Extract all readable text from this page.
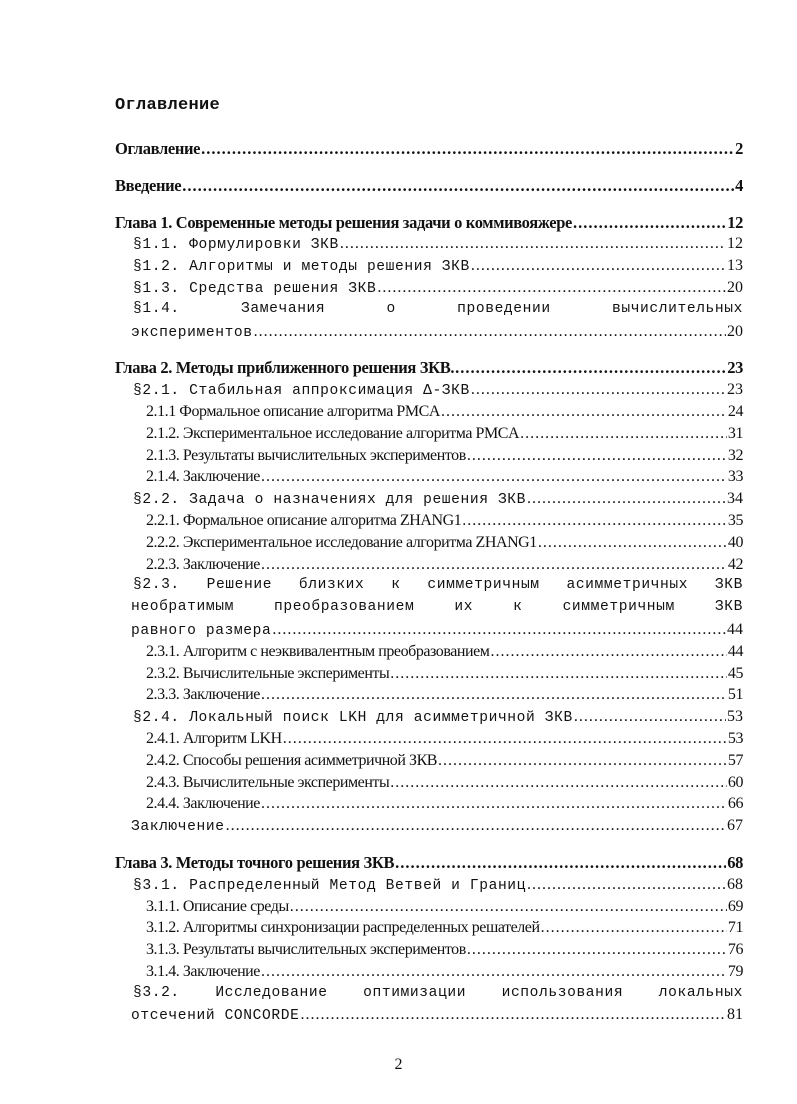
Оглавление
Оглавление .....	2
Введение .....	4
Глава 1. Современные методы решения задачи о коммивояжере .....	12
§1.1. Формулировки ЗКВ .....	12
§1.2. Алгоритмы и методы решения ЗКВ .....	13
§1.3. Средства решения ЗКВ .....	20
§1.4. Замечания о проведении вычислительных
экспериментов .....	20
Глава 2. Методы приближенного решения ЗКВ. .....	23
§2.1. Стабильная аппроксимация Δ-ЗКВ .....	23
2.1.1 Формальное описание алгоритма PMCA .....	24
2.1.2. Экспериментальное исследование алгоритма PMCA .....	31
2.1.3. Результаты вычислительных экспериментов .....	32
2.1.4. Заключение .....	33
§2.2. Задача о назначениях для решения ЗКВ .....	34
2.2.1. Формальное описание алгоритма ZHANG1 .....	35
2.2.2. Экспериментальное исследование алгоритма ZHANG1 .....	40
2.2.3. Заключение .....	42
§2.3. Решение близких к симметричным асимметричных ЗКВ
необратимым преобразованием их к симметричным ЗКВ
равного размера .....	44
2.3.1. Алгоритм с неэквивалентным преобразованием .....	44
2.3.2. Вычислительные эксперименты .....	45
2.3.3. Заключение .....	51
§2.4. Локальный поиск LKH для асимметричной ЗКВ .....	53
2.4.1. Алгоритм LKH .....	53
2.4.2. Способы решения асимметричной ЗКВ .....	57
2.4.3. Вычислительные эксперименты .....	60
2.4.4. Заключение .....	66
Заключение .....	67
Глава 3. Методы точного решения ЗКВ .....	68
§3.1. Распределенный Метод Ветвей и Границ .....	68
3.1.1. Описание среды .....	69
3.1.2. Алгоритмы синхронизации распределенных решателей .....	71
3.1.3. Результаты вычислительных экспериментов .....	76
3.1.4. Заключение .....	79
§3.2. Исследование оптимизации использования локальных
отсечений CONCORDE .....	81
2
